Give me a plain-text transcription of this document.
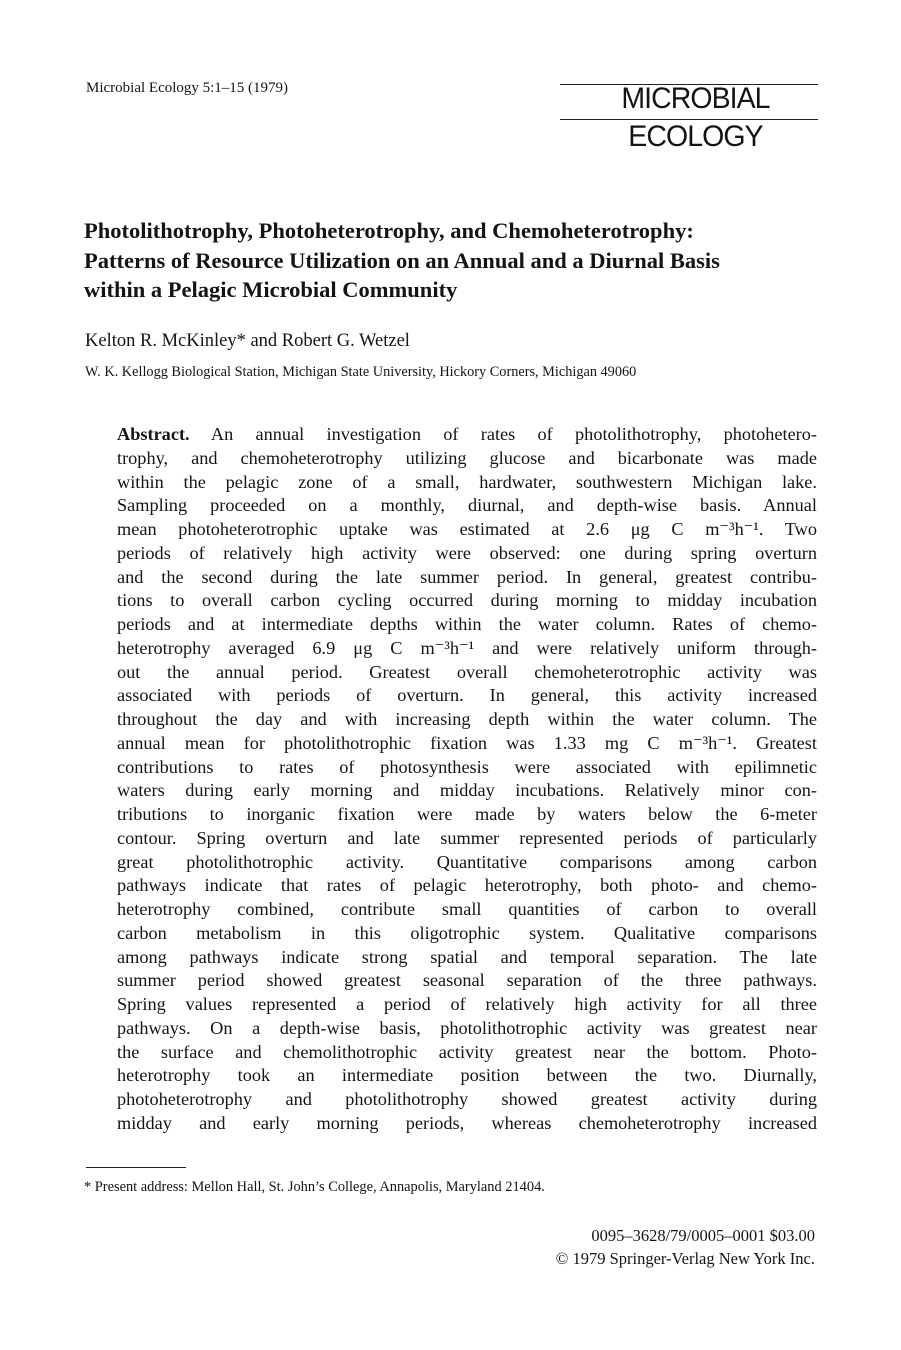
Microbial Ecology 5:1–15 (1979)	MICROBIAL ECOLOGY
Photolithotrophy, Photoheterotrophy, and Chemoheterotrophy:
Patterns of Resource Utilization on an Annual and a Diurnal Basis
within a Pelagic Microbial Community
Kelton R. McKinley* and Robert G. Wetzel
W. K. Kellogg Biological Station, Michigan State University, Hickory Corners, Michigan 49060
Abstract. An annual investigation of rates of photolithotrophy, photohetero-
trophy, and chemoheterotrophy utilizing glucose and bicarbonate was made
within the pelagic zone of a small, hardwater, southwestern Michigan lake.
Sampling proceeded on a monthly, diurnal, and depth-wise basis. Annual
mean photoheterotrophic uptake was estimated at 2.6 μg C m⁻³h⁻¹. Two
periods of relatively high activity were observed: one during spring overturn
and the second during the late summer period. In general, greatest contribu-
tions to overall carbon cycling occurred during morning to midday incubation
periods and at intermediate depths within the water column. Rates of chemo-
heterotrophy averaged 6.9 μg C m⁻³h⁻¹ and were relatively uniform through-
out the annual period. Greatest overall chemoheterotrophic activity was
associated with periods of overturn. In general, this activity increased
throughout the day and with increasing depth within the water column. The
annual mean for photolithotrophic fixation was 1.33 mg C m⁻³h⁻¹. Greatest
contributions to rates of photosynthesis were associated with epilimnetic
waters during early morning and midday incubations. Relatively minor con-
tributions to inorganic fixation were made by waters below the 6-meter
contour. Spring overturn and late summer represented periods of particularly
great photolithotrophic activity. Quantitative comparisons among carbon
pathways indicate that rates of pelagic heterotrophy, both photo- and chemo-
heterotrophy combined, contribute small quantities of carbon to overall
carbon metabolism in this oligotrophic system. Qualitative comparisons
among pathways indicate strong spatial and temporal separation. The late
summer period showed greatest seasonal separation of the three pathways.
Spring values represented a period of relatively high activity for all three
pathways. On a depth-wise basis, photolithotrophic activity was greatest near
the surface and chemolithotrophic activity greatest near the bottom. Photo-
heterotrophy took an intermediate position between the two. Diurnally,
photoheterotrophy and photolithotrophy showed greatest activity during
midday and early morning periods, whereas chemoheterotrophy increased
* Present address: Mellon Hall, St. John’s College, Annapolis, Maryland 21404.
0095–3628/79/0005–0001 $03.00
© 1979 Springer-Verlag New York Inc.
